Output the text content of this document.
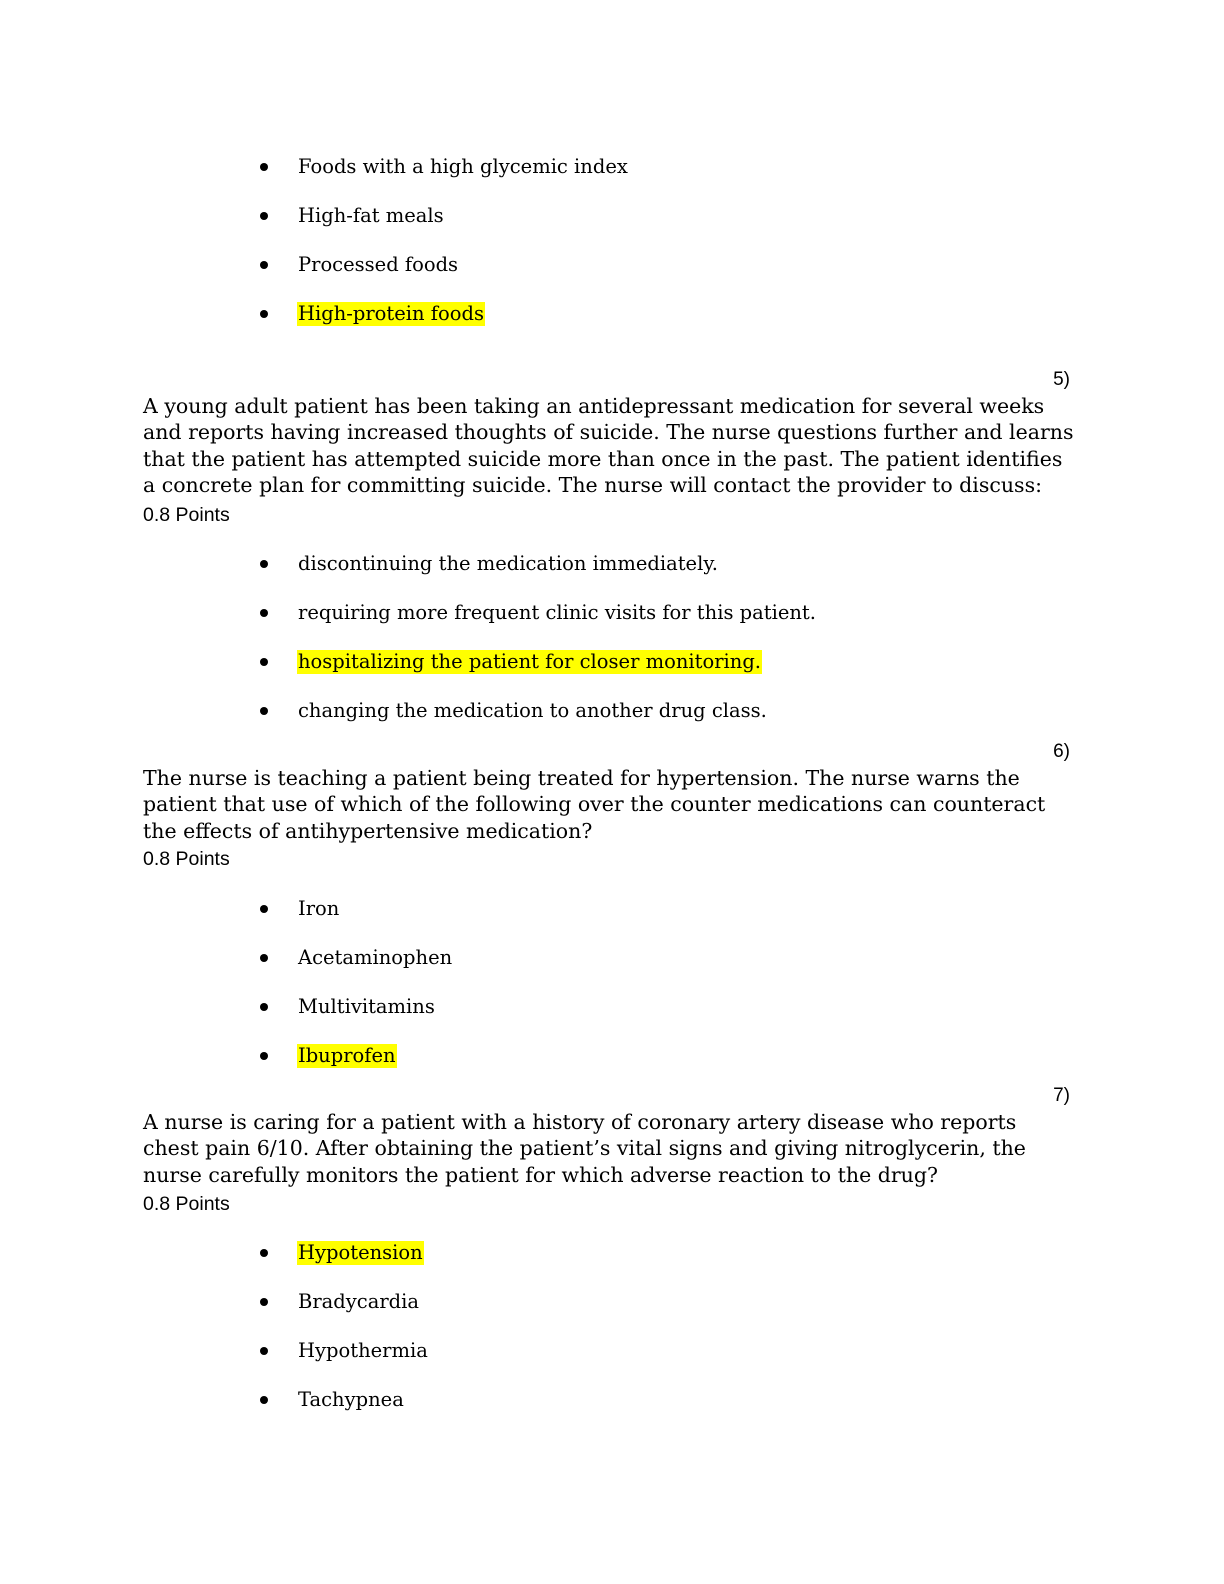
Foods with a high glycemic index
High-fat meals
Processed foods
High-protein foods
5)

A young adult patient has been taking an antidepressant medication for several weeks and reports having increased thoughts of suicide. The nurse questions further and learns that the patient has attempted suicide more than once in the past. The patient identifies a concrete plan for committing suicide. The nurse will contact the provider to discuss:

0.8 Points
discontinuing the medication immediately.
requiring more frequent clinic visits for this patient.
hospitalizing the patient for closer monitoring.
changing the medication to another drug class.
6)

The nurse is teaching a patient being treated for hypertension. The nurse warns the patient that use of which of the following over the counter medications can counteract the effects of antihypertensive medication?

0.8 Points
Iron
Acetaminophen
Multivitamins
Ibuprofen
7)

A nurse is caring for a patient with a history of coronary artery disease who reports chest pain 6/10. After obtaining the patient’s vital signs and giving nitroglycerin, the nurse carefully monitors the patient for which adverse reaction to the drug?

0.8 Points
Hypotension
Bradycardia
Hypothermia
Tachypnea
